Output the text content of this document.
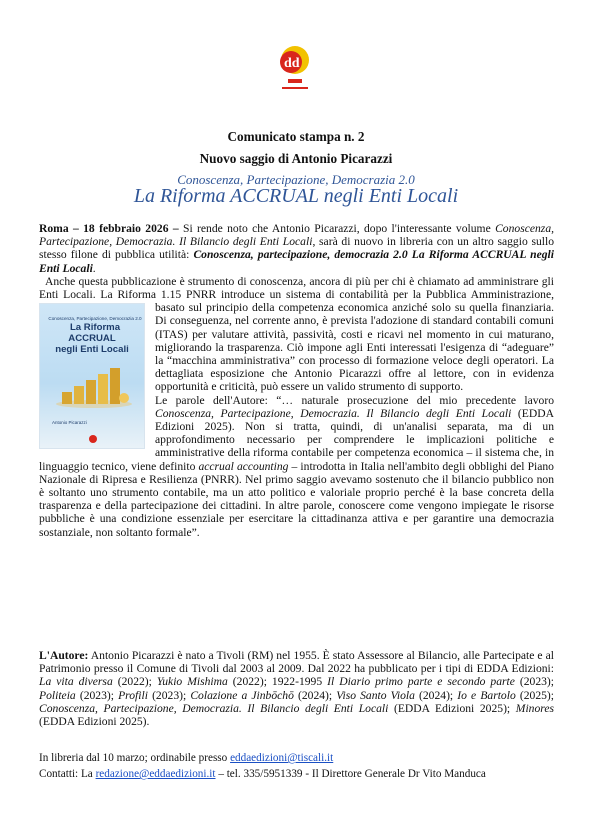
dd
Comunicato stampa n. 2
Nuovo saggio di Antonio Picarazzi
Conoscenza, Partecipazione, Democrazia 2.0
La Riforma ACCRUAL negli Enti Locali

Roma – 18 febbraio 2026 – Si rende noto che Antonio Picarazzi, dopo l'interessante volume Conoscenza, Partecipazione, Democrazia. Il Bilancio degli Enti Locali, sarà di nuovo in libreria con un altro saggio sullo stesso filone di pubblica utilità: Conoscenza, partecipazione, democrazia 2.0 La Riforma ACCRUAL negli Enti Locali.

Anche questa pubblicazione è strumento di conoscenza, ancora di più per chi è chiamato ad amministrare gli Enti Locali. La Riforma 1.15 PNRR introduce un sistema di contabilità per la Pubblica Amministrazione, basato sul principio della competenza economica anziché solo su
Conoscenza, Partecipazione, Democrazia 2.0
La Riforma ACCRUAL
negli Enti Locali
Antonio Picarazzi
quella finanziaria. Di conseguenza, nel corrente anno, è prevista l'adozione di standard contabili comuni (ITAS) per valutare attività, passività, costi e ricavi nel momento in cui maturano, migliorando la trasparenza. Ciò impone agli Enti interessati l'esigenza di “adeguare” la “macchina amministrativa” con processo di formazione veloce degli operatori. La dettagliata esposizione che Antonio Picarazzi offre al lettore, con in evidenza opportunità e criticità, può essere un valido strumento di supporto.

Le parole dell'Autore: “… naturale prosecuzione del mio precedente lavoro Conoscenza, Partecipazione, Democrazia. Il Bilancio degli Enti Locali (EDDA Edizioni 2025). Non si tratta, quindi, di un'analisi separata, ma di un approfondimento necessario per comprendere le implicazioni politiche e amministrative della riforma contabile per competenza economica – il sistema che, in linguaggio tecnico, viene definito accrual accounting – introdotta in Italia nell'ambito degli obblighi del Piano Nazionale di Ripresa e Resilienza (PNRR). Nel primo saggio avevamo sostenuto che il bilancio pubblico non è soltanto uno strumento contabile, ma un atto politico e valoriale proprio perché è la base concreta della trasparenza e della partecipazione dei cittadini. In altre parole, conoscere come vengono impiegate le risorse pubbliche è una condizione essenziale per esercitare la cittadinanza attiva e per garantire una democrazia sostanziale, non soltanto formale”.

L'Autore: Antonio Picarazzi è nato a Tivoli (RM) nel 1955. È stato Assessore al Bilancio, alle Partecipate e al Patrimonio presso il Comune di Tivoli dal 2003 al 2009. Dal 2022 ha pubblicato per i tipi di EDDA Edizioni: La vita diversa (2022); Yukio Mishima (2022); 1922-1995 Il Diario primo parte e secondo parte (2023); Politeia (2023); Profili (2023); Colazione a Jinbōchō (2024); Viso Santo Viola (2024); Io e Bartolo (2025); Conoscenza, Partecipazione, Democrazia. Il Bilancio degli Enti Locali (EDDA Edizioni 2025); Minores (EDDA Edizioni 2025).
In libreria dal 10 marzo; ordinabile presso eddaedizioni@tiscali.it
Contatti: La redazione@eddaedizioni.it – tel. 335/5951339 - Il Direttore Generale Dr Vito Manduca
